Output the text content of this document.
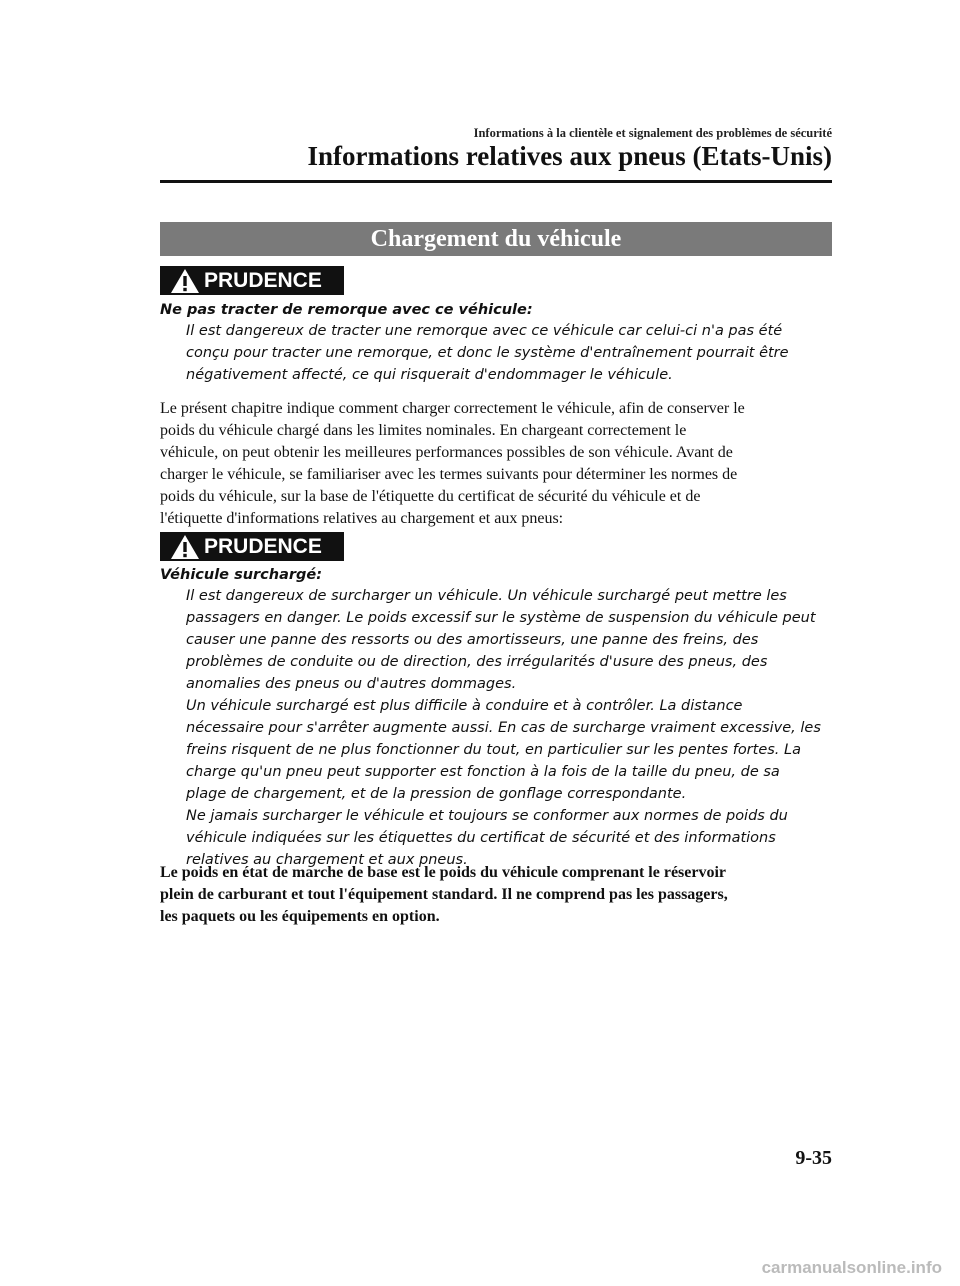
Informations à la clientèle et signalement des problèmes de sécurité
Informations relatives aux pneus (Etats-Unis)
Chargement du véhicule
PRUDENCE
Ne pas tracter de remorque avec ce véhicule:
Il est dangereux de tracter une remorque avec ce véhicule car celui-ci n'a pas été
conçu pour tracter une remorque, et donc le système d'entraînement pourrait être
négativement affecté, ce qui risquerait d'endommager le véhicule.
Le présent chapitre indique comment charger correctement le véhicule, afin de conserver le
poids du véhicule chargé dans les limites nominales. En chargeant correctement le
véhicule, on peut obtenir les meilleures performances possibles de son véhicule. Avant de
charger le véhicule, se familiariser avec les termes suivants pour déterminer les normes de
poids du véhicule, sur la base de l'étiquette du certificat de sécurité du véhicule et de
l'étiquette d'informations relatives au chargement et aux pneus:
PRUDENCE
Véhicule surchargé:
Il est dangereux de surcharger un véhicule. Un véhicule surchargé peut mettre les
passagers en danger. Le poids excessif sur le système de suspension du véhicule peut
causer une panne des ressorts ou des amortisseurs, une panne des freins, des
problèmes de conduite ou de direction, des irrégularités d'usure des pneus, des
anomalies des pneus ou d'autres dommages.
Un véhicule surchargé est plus difficile à conduire et à contrôler. La distance
nécessaire pour s'arrêter augmente aussi. En cas de surcharge vraiment excessive, les
freins risquent de ne plus fonctionner du tout, en particulier sur les pentes fortes. La
charge qu'un pneu peut supporter est fonction à la fois de la taille du pneu, de sa
plage de chargement, et de la pression de gonflage correspondante.
Ne jamais surcharger le véhicule et toujours se conformer aux normes de poids du
véhicule indiquées sur les étiquettes du certificat de sécurité et des informations
relatives au chargement et aux pneus.
Le poids en état de marche de base est le poids du véhicule comprenant le réservoir
plein de carburant et tout l'équipement standard. Il ne comprend pas les passagers,
les paquets ou les équipements en option.
9-35
carmanualsonline.info
